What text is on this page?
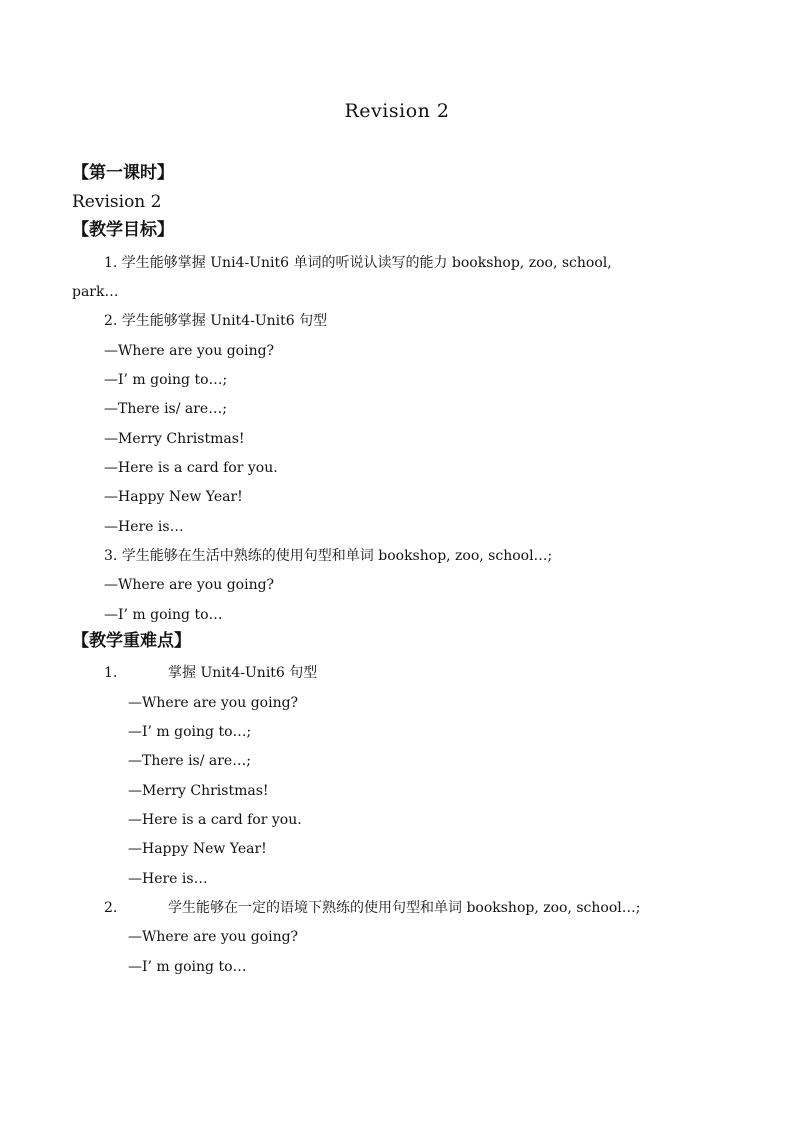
Revision 2
【第一课时】
Revision 2
【教学目标】
1. 学生能够掌握 Uni4-Unit6 单词的听说认读写的能力 bookshop, zoo, school,
park…
2. 学生能够掌握 Unit4-Unit6 句型
—Where are you going?
—I’ m going to…;
—There is/ are…;
—Merry Christmas!
—Here is a card for you.
—Happy New Year!
—Here is…
3. 学生能够在生活中熟练的使用句型和单词 bookshop, zoo, school…;
—Where are you going?
—I’ m going to…
【教学重难点】
1.	掌握 Unit4-Unit6 句型
—Where are you going?
—I’ m going to…;
—There is/ are…;
—Merry Christmas!
—Here is a card for you.
—Happy New Year!
—Here is…
2.	学生能够在一定的语境下熟练的使用句型和单词 bookshop, zoo, school…;
—Where are you going?
—I’ m going to…
